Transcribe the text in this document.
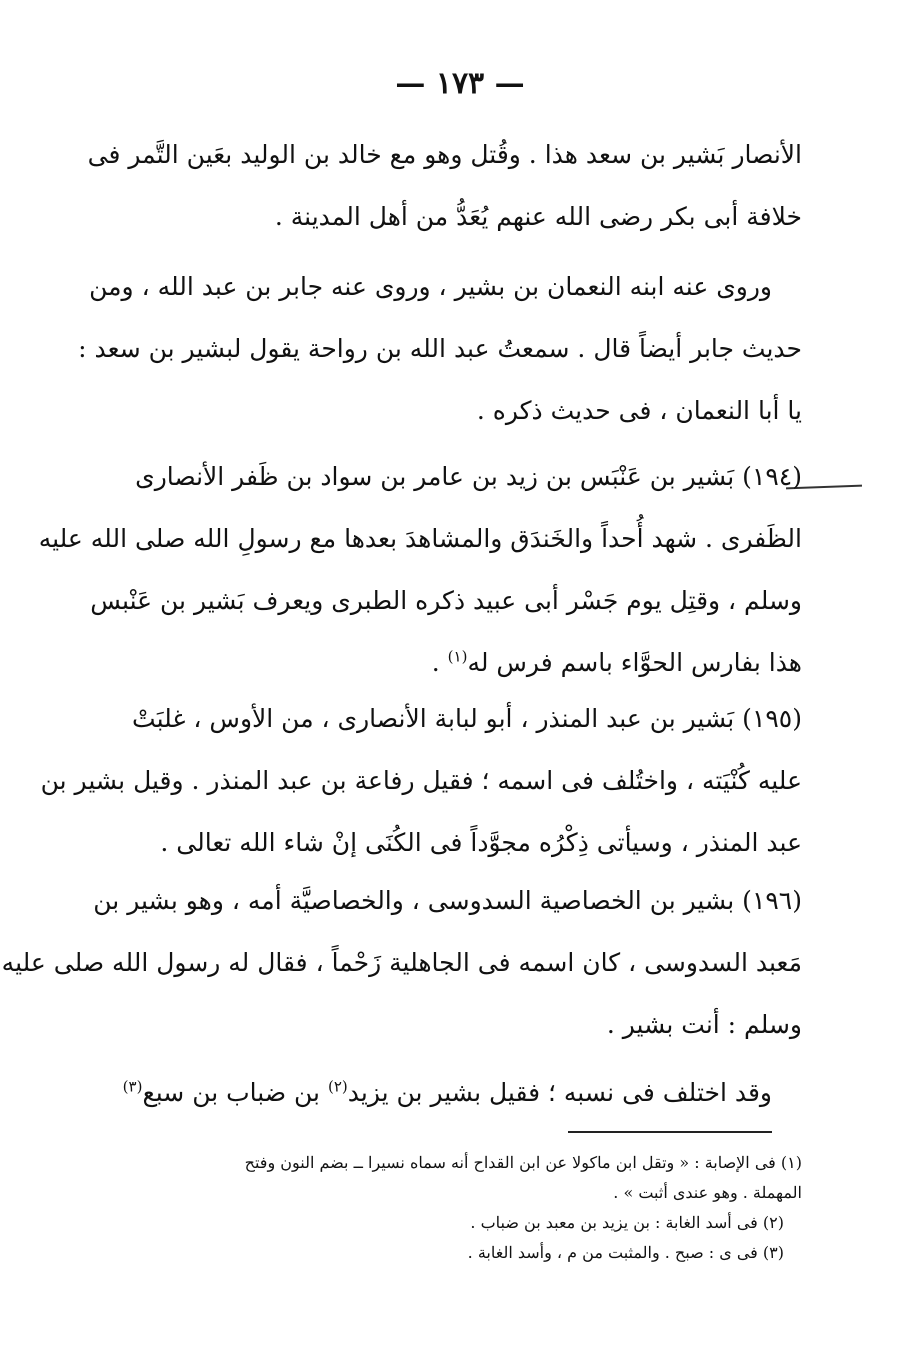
— ١٧٣ —
الأنصار بَشير بن سعد هذا . وقُتل وهو مع خالد بن الوليد بعَين التَّمر فى
خلافة أبى بكر رضى الله عنهم يُعَدُّ من أهل المدينة .
وروى عنه ابنه النعمان بن بشير ، وروى عنه جابر بن عبد الله ، ومن
حديث جابر أيضاً قال . سمعتُ عبد الله بن رواحة يقول لبشير بن سعد :
يا أبا النعمان ، فى حديث ذكره .
(١٩٤) بَشير بن عَنْبَس بن زيد بن عامر بن سواد بن ظَفر الأنصارى
الظَفرى . شهد أُحداً والخَندَق والمشاهدَ بعدها مع رسولِ الله صلى الله عليه
وسلم ، وقتِل يوم جَسْر أبى عبيد ذكره الطبرى ويعرف بَشير بن عَنْبس
هذا بفارس الحوَّاء باسم فرس له$^{(١)}$ .
(١٩٥) بَشير بن عبد المنذر ، أبو لبابة الأنصارى ، من الأوس ، غلبَتْ
عليه كُنْيَته ، واختُلف فى اسمه ؛ فقيل رفاعة بن عبد المنذر . وقيل بشير بن
عبد المنذر ، وسيأتى ذِكْرُه مجوَّداً فى الكُنَى إنْ شاء الله تعالى .
(١٩٦) بشير بن الخصاصية السدوسى ، والخصاصيَّة أمه ، وهو بشير بن
مَعبد السدوسى ، كان اسمه فى الجاهلية زَحْماً ، فقال له رسول الله صلى عليه
وسلم : أنت بشير .
وقد اختلف فى نسبه ؛ فقيل بشير بن يزيد$^{(٢)}$ بن ضباب بن سبع$^{(٣)}$
(١) فى الإصابة : « وتقل ابن ماكولا عن ابن القداح أنه سماه نسيرا ــ بضم النون وفتح
المهملة . وهو عندى أثبت » .
(٢) فى أسد الغابة : بن يزيد بن معبد بن ضباب .
(٣) فى ى : صبح . والمثبت من م ، وأسد الغابة .
